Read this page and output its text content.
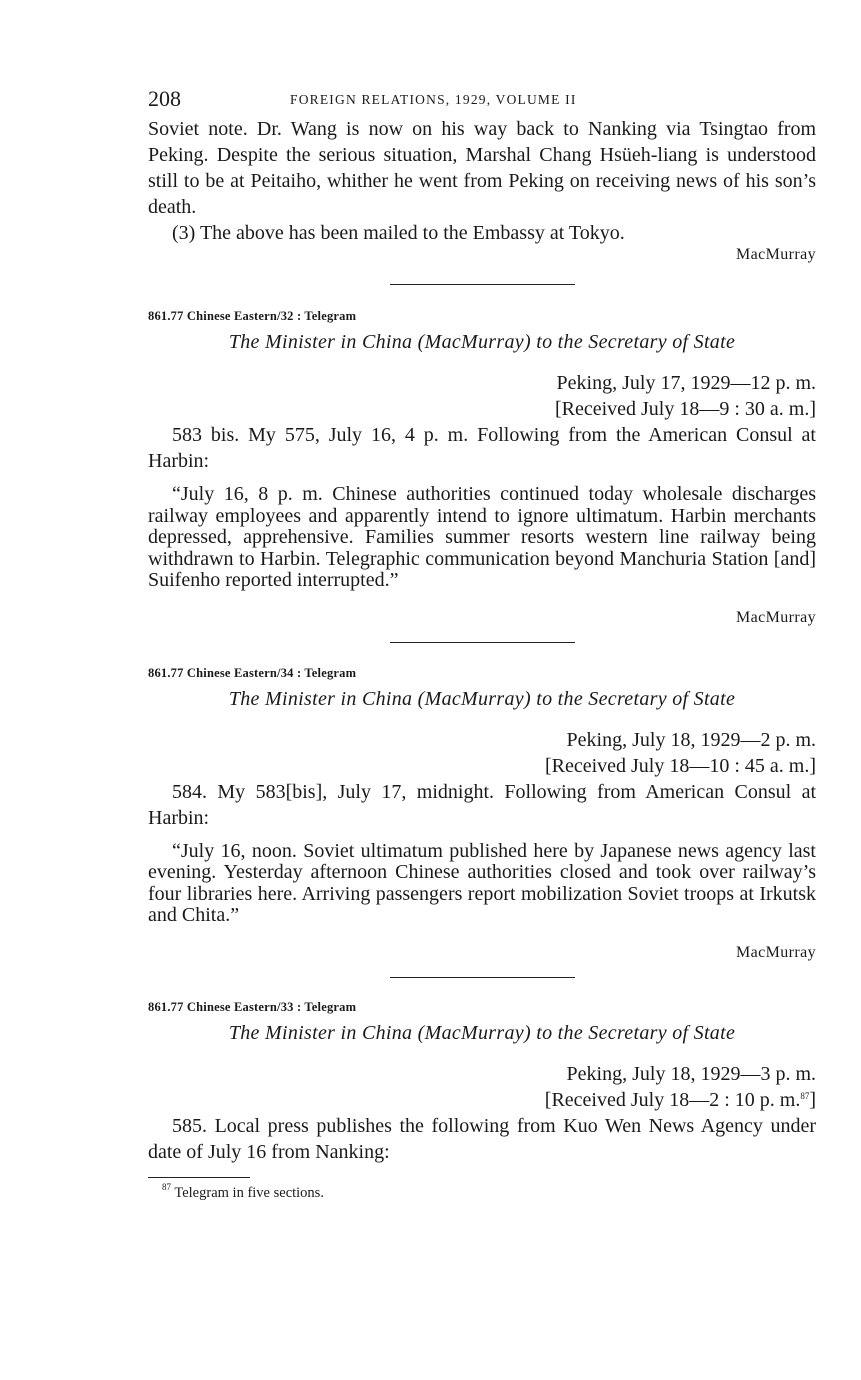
208	FOREIGN RELATIONS, 1929, VOLUME II

Soviet note. Dr. Wang is now on his way back to Nanking via Tsingtao from Peking. Despite the serious situation, Marshal Chang Hsüeh-liang is understood still to be at Peitaiho, whither he went from Peking on receiving news of his son’s death.

(3) The above has been mailed to the Embassy at Tokyo.

MacMurray

861.77 Chinese Eastern/32 : Telegram

The Minister in China (MacMurray) to the Secretary of State

Peking, July 17, 1929—12 p. m.

[Received July 18—9 : 30 a. m.]

583 bis. My 575, July 16, 4 p. m. Following from the American Consul at Harbin:

“July 16, 8 p. m. Chinese authorities continued today wholesale discharges railway employees and apparently intend to ignore ultimatum. Harbin merchants depressed, apprehensive. Families summer resorts western line railway being withdrawn to Harbin. Telegraphic communication beyond Manchuria Station [and] Suifenho reported interrupted.”

MacMurray

861.77 Chinese Eastern/34 : Telegram

The Minister in China (MacMurray) to the Secretary of State

Peking, July 18, 1929—2 p. m.

[Received July 18—10 : 45 a. m.]

584. My 583[bis], July 17, midnight. Following from American Consul at Harbin:

“July 16, noon. Soviet ultimatum published here by Japanese news agency last evening. Yesterday afternoon Chinese authorities closed and took over railway’s four libraries here. Arriving passengers report mobilization Soviet troops at Irkutsk and Chita.”

MacMurray

861.77 Chinese Eastern/33 : Telegram

The Minister in China (MacMurray) to the Secretary of State

Peking, July 18, 1929—3 p. m.

[Received July 18—2 : 10 p. m.$^{87}$]

585. Local press publishes the following from Kuo Wen News Agency under date of July 16 from Nanking:

$^{87}$ Telegram in five sections.
